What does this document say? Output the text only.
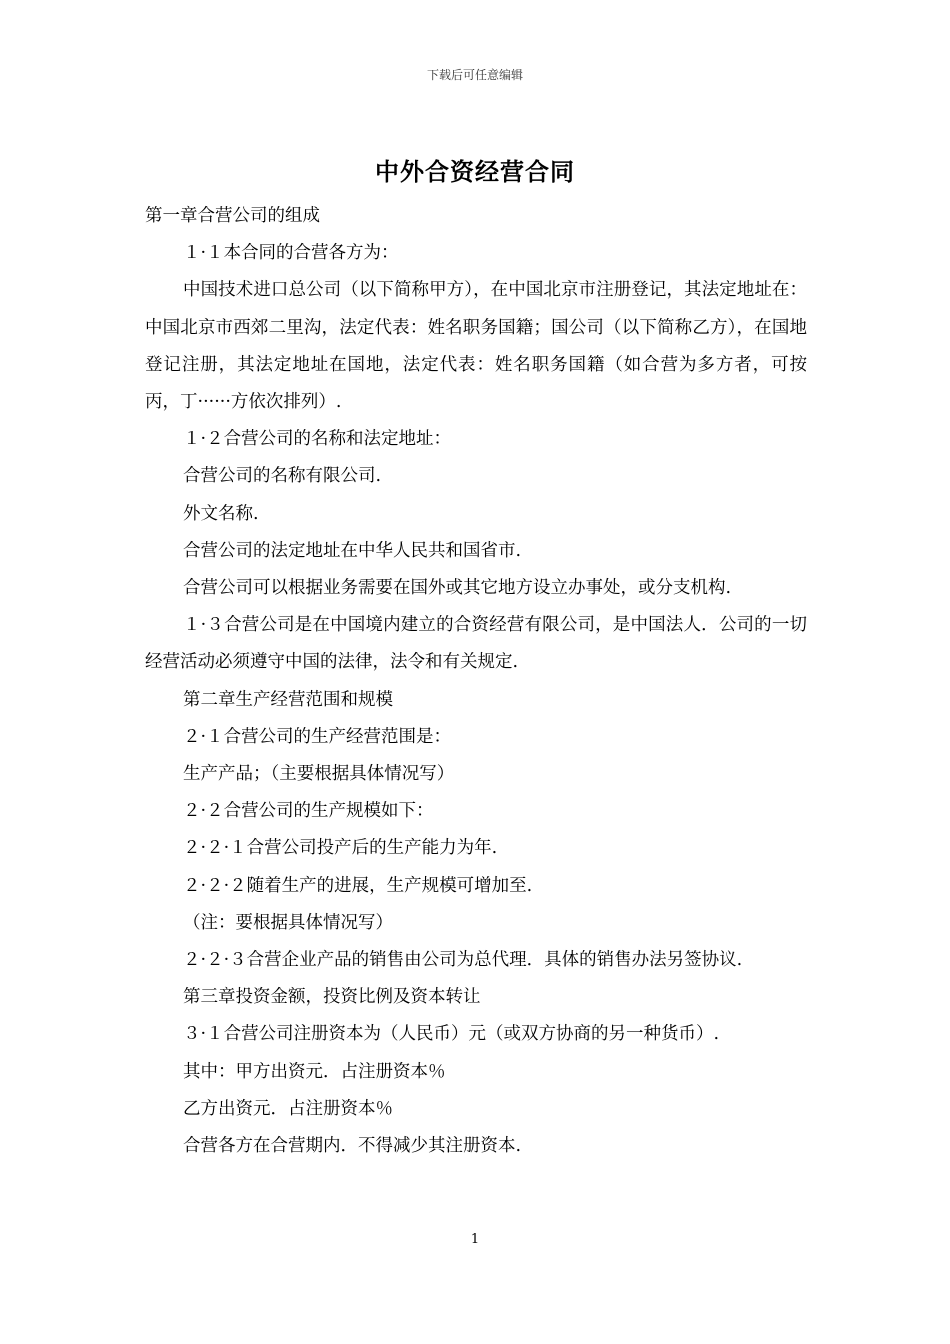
下载后可任意编辑
中外合资经营合同

第一章合营公司的组成

１·１本合同的合营各方为：

中国技术进口总公司（以下简称甲方），在中国北京市注册登记，其法定地址在：中国北京市西郊二里沟，法定代表：姓名职务国籍；国公司（以下简称乙方），在国地登记注册，其法定地址在国地，法定代表：姓名职务国籍（如合营为多方者，可按丙，丁······方依次排列）.

１·２合营公司的名称和法定地址：

合营公司的名称有限公司.

外文名称.

合营公司的法定地址在中华人民共和国省市.

合营公司可以根据业务需要在国外或其它地方设立办事处，或分支机构.

１·３合营公司是在中国境内建立的合资经营有限公司，是中国法人．公司的一切经营活动必须遵守中国的法律，法令和有关规定.

第二章生产经营范围和规模

２·１合营公司的生产经营范围是：

生产产品；（主要根据具体情况写）

２·２合营公司的生产规模如下：

２·２·１合营公司投产后的生产能力为年.

２·２·２随着生产的进展，生产规模可增加至.

（注：要根据具体情况写）

２·２·３合营企业产品的销售由公司为总代理．具体的销售办法另签协议.

第三章投资金额，投资比例及资本转让

３·１合营公司注册资本为（人民币）元（或双方协商的另一种货币）.

其中：甲方出资元．占注册资本％

乙方出资元．占注册资本％

合营各方在合营期内．不得减少其注册资本.

1
